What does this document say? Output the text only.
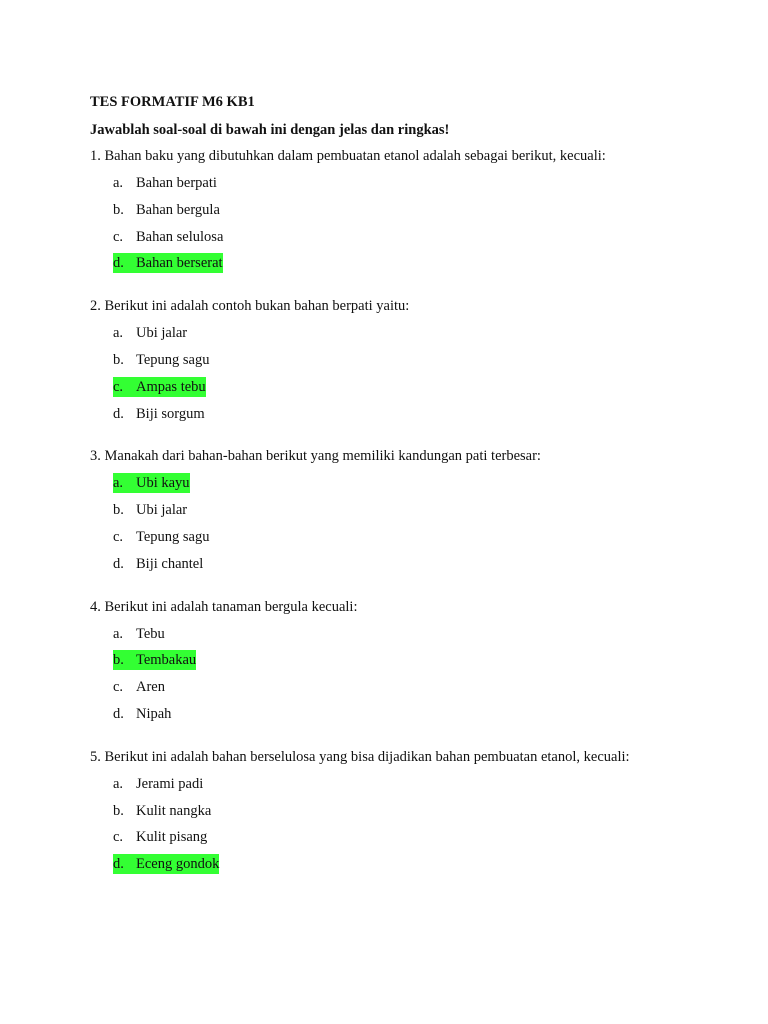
TES FORMATIF M6 KB1
Jawablah soal-soal di bawah ini dengan jelas dan ringkas!
1. Bahan baku yang dibutuhkan dalam pembuatan etanol adalah sebagai berikut, kecuali:
a. Bahan berpati
b. Bahan bergula
c. Bahan selulosa
d. Bahan berserat
2. Berikut ini adalah contoh bukan bahan berpati yaitu:
a. Ubi jalar
b. Tepung sagu
c. Ampas tebu
d. Biji sorgum
3. Manakah dari bahan-bahan berikut yang memiliki kandungan pati terbesar:
a. Ubi kayu
b. Ubi jalar
c. Tepung sagu
d. Biji chantel
4. Berikut ini adalah tanaman bergula kecuali:
a. Tebu
b. Tembakau
c. Aren
d. Nipah
5. Berikut ini adalah bahan berselulosa yang bisa dijadikan bahan pembuatan etanol, kecuali:
a. Jerami padi
b. Kulit nangka
c. Kulit pisang
d. Eceng gondok
